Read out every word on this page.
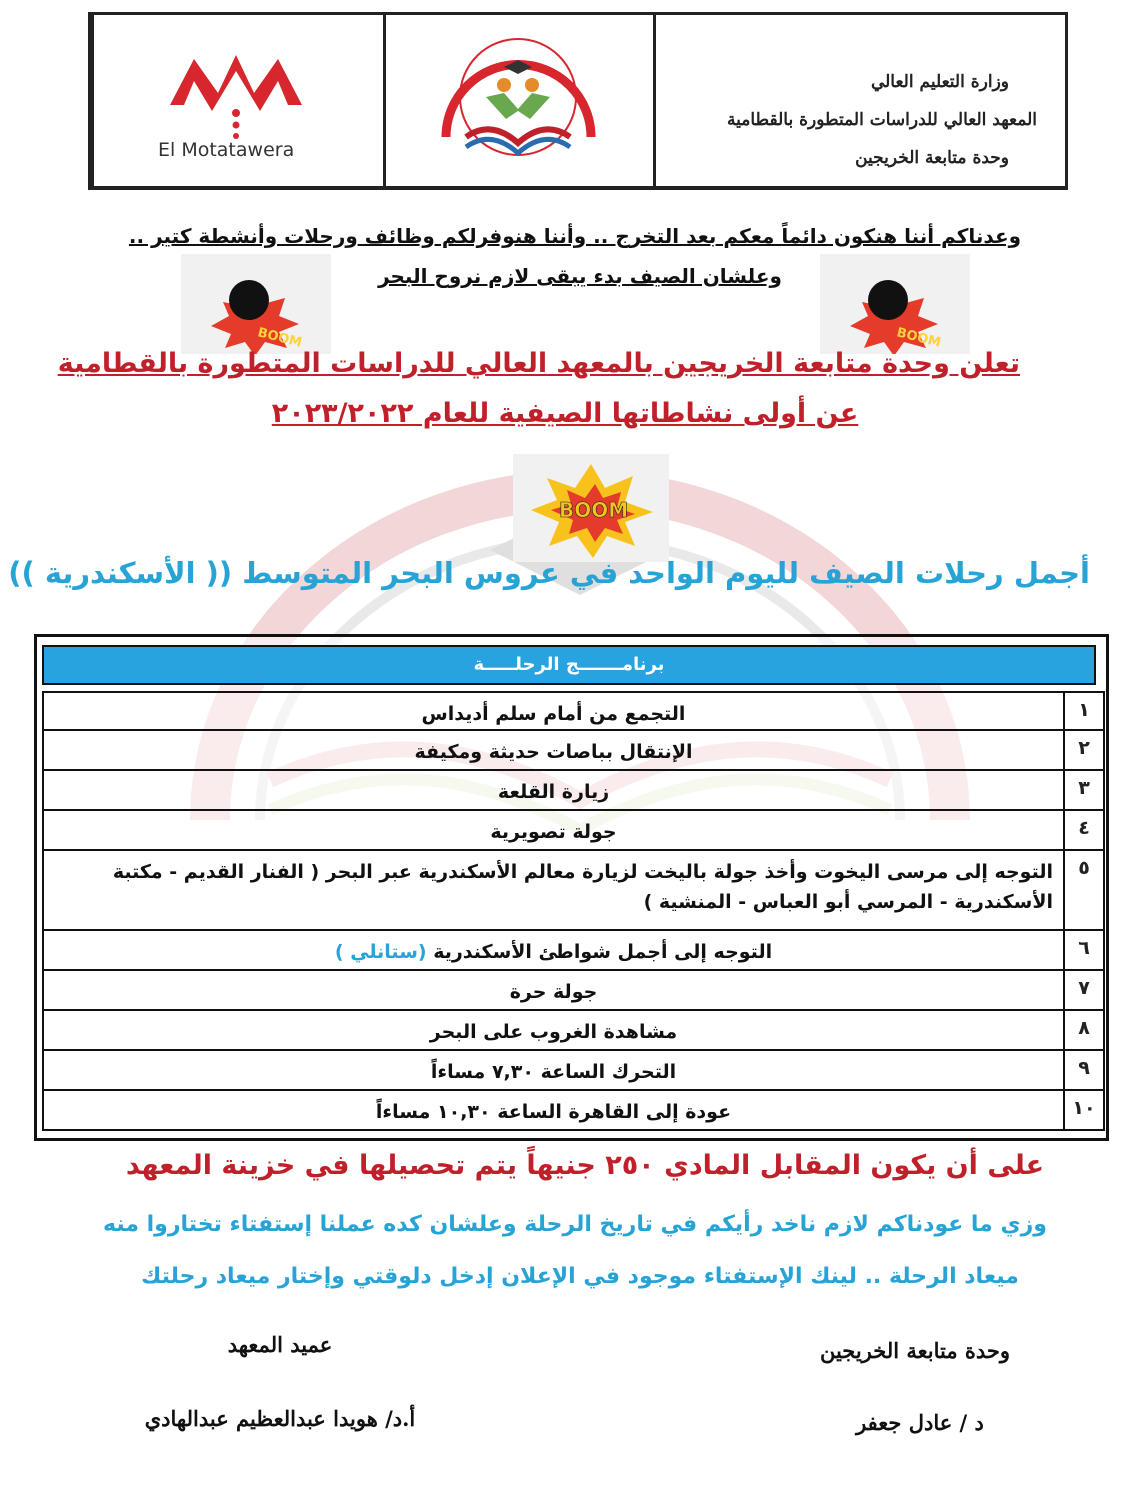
El Motatawera
وزارة التعليم العالي
المعهد العالي للدراسات المتطورة بالقطامية
وحدة متابعة الخريجين
وعدناكم أننا هنكون دائماً معكم بعد التخرج .. وأننا هنوفرلكم وظائف ورحلات وأنشطة كتير ..
وعلشان الصيف بدء يبقى لازم نروح البحر
BOOM	BOOM
تعلن وحدة متابعة الخريجين بالمعهد العالي للدراسات المتطورة بالقطامية
عن أولى نشاطاتها الصيفية للعام ٢٠٢٣/٢٠٢٢
BOOM
أجمل رحلات الصيف لليوم الواحد في عروس البحر المتوسط (( الأسكندرية ))
برنامـــــــج الرحلـــــة
١
التجمع من أمام سلم أديداس
٢
الإنتقال بباصات حديثة ومكيفة
٣
زيارة القلعة
٤
جولة تصويرية
٥
التوجه إلى مرسى اليخوت وأخذ جولة باليخت لزيارة معالم الأسكندرية عبر البحر ( الفنار القديم - مكتبة الأسكندرية - المرسي أبو العباس - المنشية )
٦
التوجه إلى أجمل شواطئ الأسكندرية (ستانلي )
٧
جولة حرة
٨
مشاهدة الغروب على البحر
٩
التحرك الساعة ٧,٣٠ مساءاً
١٠
عودة إلى القاهرة الساعة ١٠,٣٠ مساءاً
على أن يكون المقابل المادي ٢٥٠ جنيهاً يتم تحصيلها في خزينة المعهد
وزي ما عودناكم لازم ناخد رأيكم في تاريخ الرحلة وعلشان كده عملنا إستفتاء تختاروا منه
ميعاد الرحلة .. لينك الإستفتاء موجود في الإعلان إدخل دلوقتي وإختار ميعاد رحلتك
عميد المعهد
أ.د/ هويدا عبدالعظيم عبدالهادي
وحدة متابعة الخريجين
د / عادل جعفر
